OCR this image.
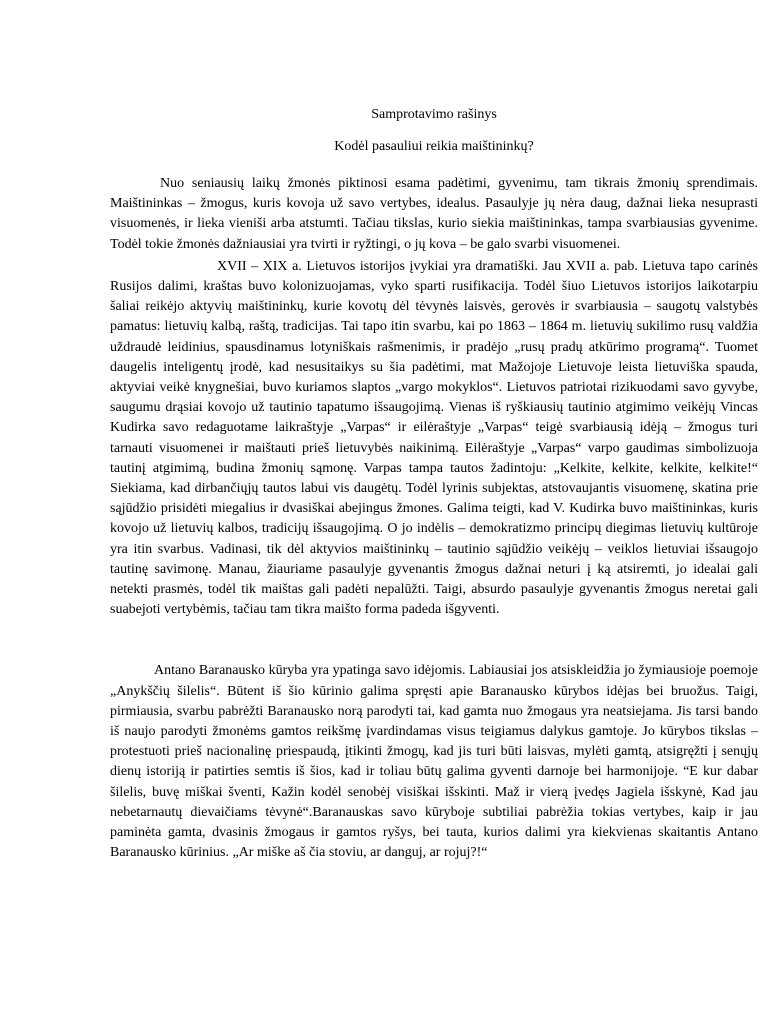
Samprotavimo rašinys

Kodėl pasauliui reikia maištininkų?

Nuo seniausių laikų žmonės piktinosi esama padėtimi, gyvenimu, tam tikrais žmonių sprendimais. Maištininkas – žmogus, kuris kovoja už savo vertybes, idealus. Pasaulyje jų nėra daug, dažnai lieka nesuprasti visuomenės, ir lieka vieniši arba atstumti. Tačiau tikslas, kurio siekia maištininkas, tampa svarbiausias gyvenime. Todėl tokie žmonės dažniausiai yra tvirti ir ryžtingi, o jų kova – be galo svarbi visuomenei.

XVII – XIX a. Lietuvos istorijos įvykiai yra dramatiški. Jau XVII a. pab. Lietuva tapo carinės Rusijos dalimi, kraštas buvo kolonizuojamas, vyko sparti rusifikacija. Todėl šiuo Lietuvos istorijos laikotarpiu šaliai reikėjo aktyvių maištininkų, kurie kovotų dėl tėvynės laisvės, gerovės ir svarbiausia – saugotų valstybės pamatus: lietuvių kalbą, raštą, tradicijas. Tai tapo itin svarbu, kai po 1863 – 1864 m. lietuvių sukilimo rusų valdžia uždraudė leidinius, spausdinamus lotyniškais rašmenimis, ir pradėjo „rusų pradų atkūrimo programą“. Tuomet daugelis inteligentų įrodė, kad nesusitaikys su šia padėtimi, mat Mažojoje Lietuvoje leista lietuviška spauda, aktyviai veikė knygnešiai, buvo kuriamos slaptos „vargo mokyklos“. Lietuvos patriotai rizikuodami savo gyvybe, saugumu drąsiai kovojo už tautinio tapatumo išsaugojimą. Vienas iš ryškiausių tautinio atgimimo veikėjų Vincas Kudirka savo redaguotame laikraštyje „Varpas“ ir eilėraštyje „Varpas“ teigė svarbiausią idėją – žmogus turi tarnauti visuomenei ir maištauti prieš lietuvybės naikinimą. Eilėraštyje „Varpas“ varpo gaudimas simbolizuoja tautinį atgimimą, budina žmonių sąmonę. Varpas tampa tautos žadintoju: „Kelkite, kelkite, kelkite, kelkite!“ Siekiama, kad dirbančiųjų tautos labui vis daugėtų. Todėl lyrinis subjektas, atstovaujantis visuomenę, skatina prie sąjūdžio prisidėti miegalius ir dvasiškai abejingus žmones. Galima teigti, kad V. Kudirka buvo maištininkas, kuris kovojo už lietuvių kalbos, tradicijų išsaugojimą. O jo indėlis – demokratizmo principų diegimas lietuvių kultūroje yra itin svarbus. Vadinasi, tik dėl aktyvios maištininkų – tautinio sąjūdžio veikėjų – veiklos lietuviai išsaugojo tautinę savimonę. Manau, žiauriame pasaulyje gyvenantis žmogus dažnai neturi į ką atsiremti, jo idealai gali netekti prasmės, todėl tik maištas gali padėti nepalūžti. Taigi, absurdo pasaulyje gyvenantis žmogus neretai gali suabejoti vertybėmis, tačiau tam tikra maišto forma padeda išgyventi.

Antano Baranausko kūryba yra ypatinga savo idėjomis. Labiausiai jos atsiskleidžia jo žymiausioje poemoje „Anykščių šilelis“. Būtent iš šio kūrinio galima spręsti apie Baranausko kūrybos idėjas bei bruožus. Taigi, pirmiausia, svarbu pabrėžti Baranausko norą parodyti tai, kad gamta nuo žmogaus yra neatsiejama. Jis tarsi bando iš naujo parodyti žmonėms gamtos reikšmę įvardindamas visus teigiamus dalykus gamtoje. Jo kūrybos tikslas – protestuoti prieš nacionalinę priespaudą, įtikinti žmogų, kad jis turi būti laisvas, mylėti gamtą, atsigręžti į senųjų dienų istoriją ir patirties semtis iš šios, kad ir toliau būtų galima gyventi darnoje bei harmonijoje. “E kur dabar šilelis, buvę miškai šventi, Kažin kodėl senobėj visiškai išskinti. Maž ir vierą įvedęs Jagiela išskynė, Kad jau nebetarnautų dievaičiams tėvynė“.Baranauskas savo kūryboje subtiliai pabrėžia tokias vertybes, kaip ir jau paminėta gamta, dvasinis žmogaus ir gamtos ryšys, bei tauta, kurios dalimi yra kiekvienas skaitantis Antano Baranausko kūrinius. „Ar miške aš čia stoviu, ar danguj, ar rojuj?!“
